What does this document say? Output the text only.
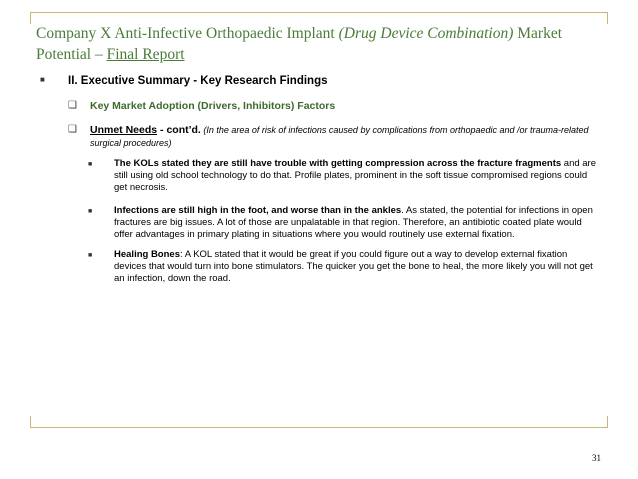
Company X Anti-Infective Orthopaedic Implant (Drug Device Combination) Market Potential – Final Report
■	II. Executive Summary - Key Research Findings
❑	Key Market Adoption (Drivers, Inhibitors) Factors
❑	Unmet Needs - cont’d. (In the area of risk of infections caused by complications from orthopaedic and /or trauma-related surgical procedures)
■	The KOLs stated they are still have trouble with getting compression across the fracture fragments and are still using old school technology to do that. Profile plates, prominent in the soft tissue compromised regions could get necrosis.
■	Infections are still high in the foot, and worse than in the ankles. As stated, the potential for infections in open fractures are big issues. A lot of those are unpalatable in that region. Therefore, an antibiotic coated plate would offer advantages in primary plating in situations where you would routinely use external fixation.
■	Healing Bones: A KOL stated that it would be great if you could figure out a way to develop external fixation devices that would turn into bone stimulators. The quicker you get the bone to heal, the more likely you will not get an infection, down the road.
31
